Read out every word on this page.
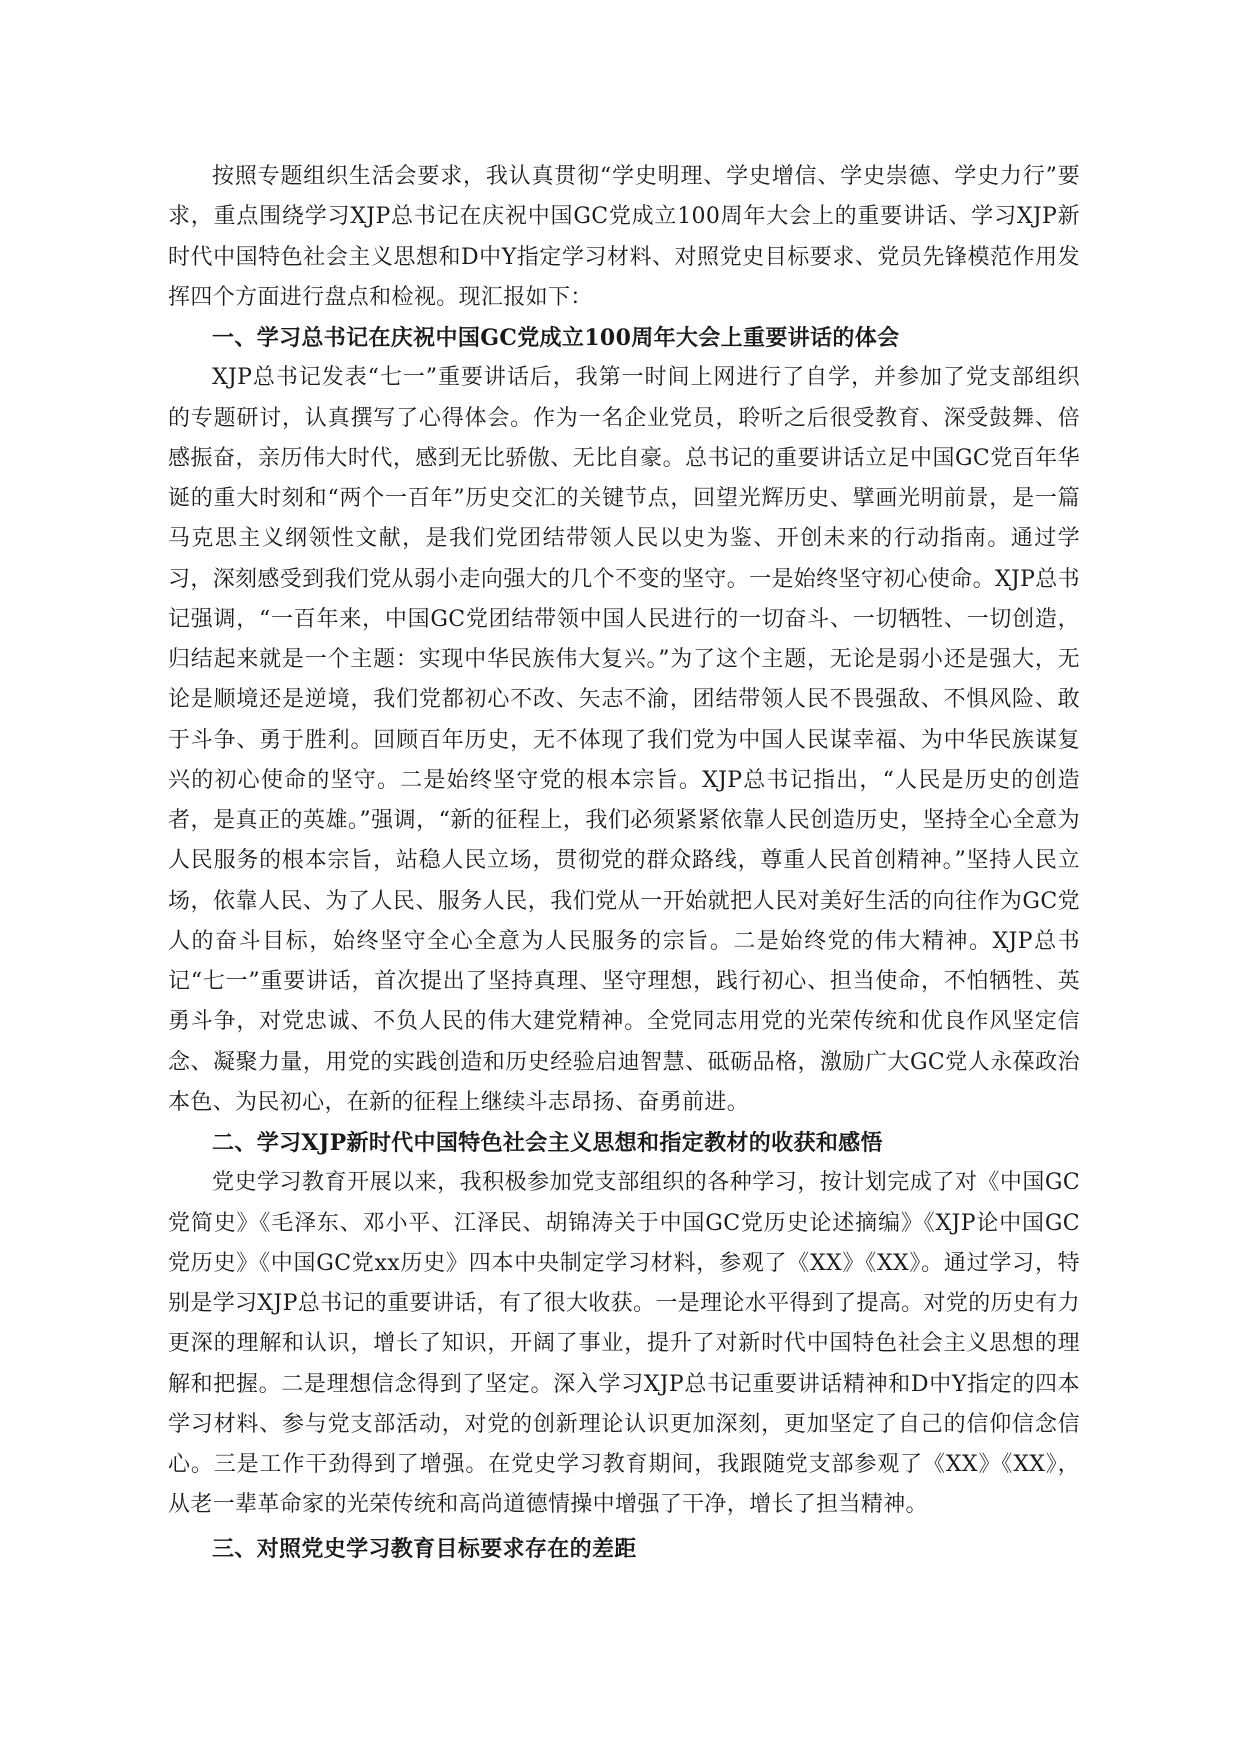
按照专题组织生活会要求，我认真贯彻“学史明理、学史增信、学史崇德、学史力行”要求，重点围绕学习XJP总书记在庆祝中国GC党成立100周年大会上的重要讲话、学习XJP新时代中国特色社会主义思想和D中Y指定学习材料、对照党史目标要求、党员先锋模范作用发挥四个方面进行盘点和检视。现汇报如下：

一、学习总书记在庆祝中国GC党成立100周年大会上重要讲话的体会

XJP总书记发表“七一”重要讲话后，我第一时间上网进行了自学，并参加了党支部组织的专题研讨，认真撰写了心得体会。作为一名企业党员，聆听之后很受教育、深受鼓舞、倍感振奋，亲历伟大时代，感到无比骄傲、无比自豪。总书记的重要讲话立足中国GC党百年华诞的重大时刻和“两个一百年”历史交汇的关键节点，回望光辉历史、擘画光明前景，是一篇马克思主义纲领性文献，是我们党团结带领人民以史为鉴、开创未来的行动指南。通过学习，深刻感受到我们党从弱小走向强大的几个不变的坚守。一是始终坚守初心使命。XJP总书记强调，“一百年来，中国GC党团结带领中国人民进行的一切奋斗、一切牺牲、一切创造，归结起来就是一个主题：实现中华民族伟大复兴。”为了这个主题，无论是弱小还是强大，无论是顺境还是逆境，我们党都初心不改、矢志不渝，团结带领人民不畏强敌、不惧风险、敢于斗争、勇于胜利。回顾百年历史，无不体现了我们党为中国人民谋幸福、为中华民族谋复兴的初心使命的坚守。二是始终坚守党的根本宗旨。XJP总书记指出，“人民是历史的创造者，是真正的英雄。”强调，“新的征程上，我们必须紧紧依靠人民创造历史，坚持全心全意为人民服务的根本宗旨，站稳人民立场，贯彻党的群众路线，尊重人民首创精神。”坚持人民立场，依靠人民、为了人民、服务人民，我们党从一开始就把人民对美好生活的向往作为GC党人的奋斗目标，始终坚守全心全意为人民服务的宗旨。二是始终党的伟大精神。XJP总书记“七一”重要讲话，首次提出了坚持真理、坚守理想，践行初心、担当使命，不怕牺牲、英勇斗争，对党忠诚、不负人民的伟大建党精神。全党同志用党的光荣传统和优良作风坚定信念、凝聚力量，用党的实践创造和历史经验启迪智慧、砥砺品格，激励广大GC党人永葆政治本色、为民初心，在新的征程上继续斗志昂扬、奋勇前进。

二、学习XJP新时代中国特色社会主义思想和指定教材的收获和感悟

党史学习教育开展以来，我积极参加党支部组织的各种学习，按计划完成了对《中国GC党简史》《毛泽东、邓小平、江泽民、胡锦涛关于中国GC党历史论述摘编》《XJP论中国GC党历史》《中国GC党xx历史》四本中央制定学习材料，参观了《XX》《XX》。通过学习，特别是学习XJP总书记的重要讲话，有了很大收获。一是理论水平得到了提高。对党的历史有力更深的理解和认识，增长了知识，开阔了事业，提升了对新时代中国特色社会主义思想的理解和把握。二是理想信念得到了坚定。深入学习XJP总书记重要讲话精神和D中Y指定的四本学习材料、参与党支部活动，对党的创新理论认识更加深刻，更加坚定了自己的信仰信念信心。三是工作干劲得到了增强。在党史学习教育期间，我跟随党支部参观了《XX》《XX》，从老一辈革命家的光荣传统和高尚道德情操中增强了干净，增长了担当精神。

三、对照党史学习教育目标要求存在的差距
